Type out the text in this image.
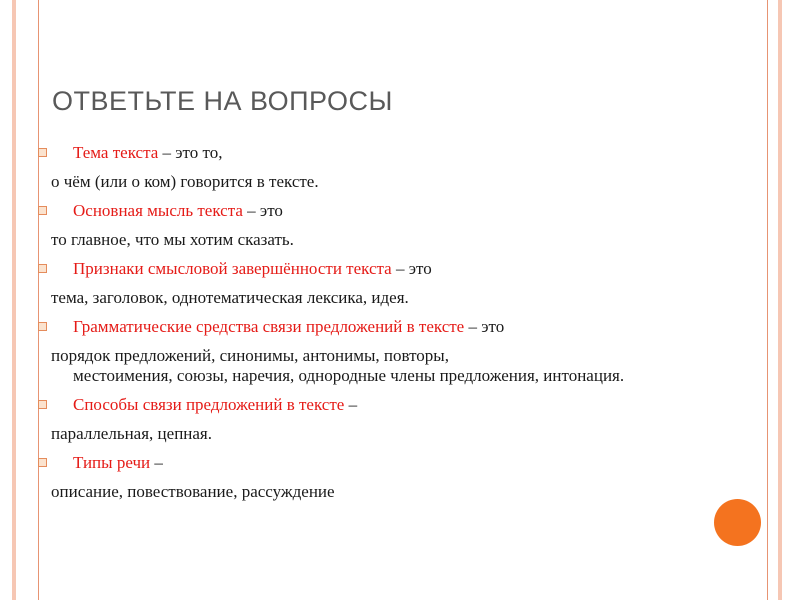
ОТВЕТЬТЕ НА ВОПРОСЫ
Тема текста – это то,
о чём (или о ком) говорится в тексте.
Основная мысль текста – это
то главное, что мы хотим сказать.
Признаки смысловой завершённости текста – это
тема, заголовок, однотематическая лексика, идея.
Грамматические средства связи предложений в тексте – это
порядок предложений, синонимы, антонимы, повторы,
местоимения, союзы, наречия, однородные члены предложения, интонация.
Способы связи предложений в тексте –
параллельная, цепная.
Типы речи –
описание, повествование, рассуждение
